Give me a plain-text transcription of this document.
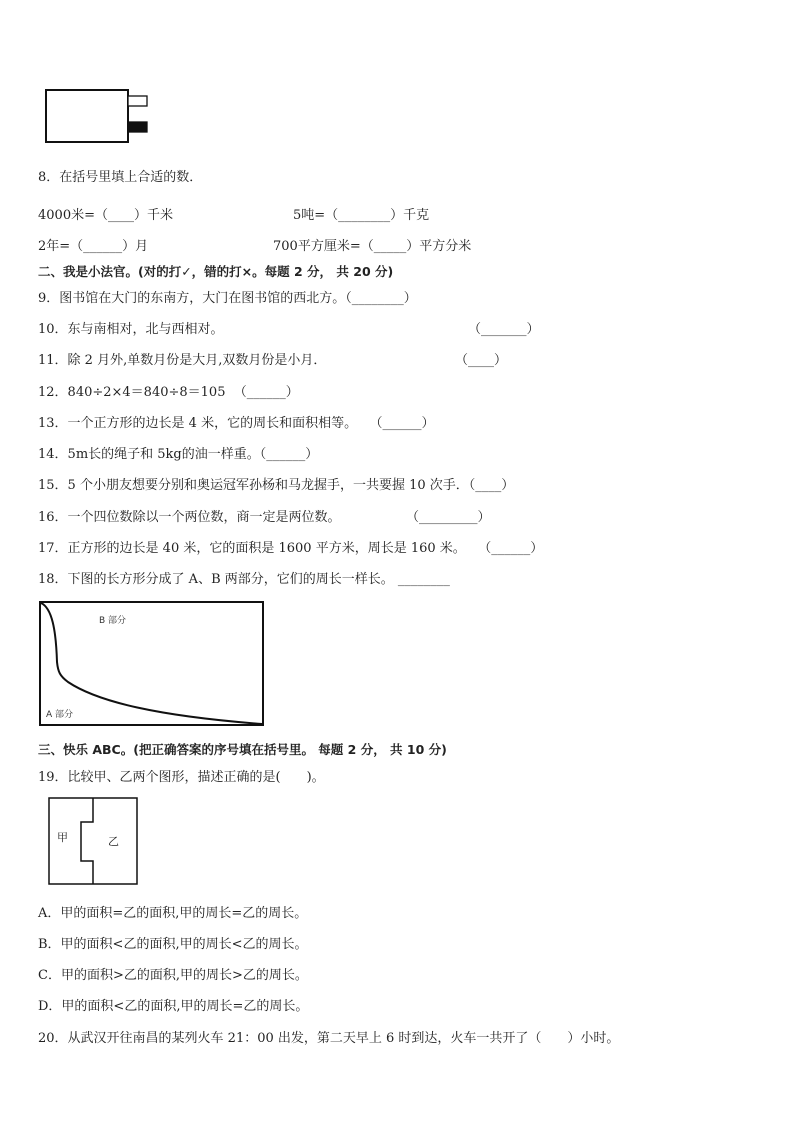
8．在括号里填上合适的数．
4000米=（____）千米	5吨=（________）千克
2年=（______）月	700平方厘米=（_____）平方分米
二、我是小法官。(对的打✓，错的打×。每题 2 分， 共 20 分)
9．图书馆在大门的东南方，大门在图书馆的西北方。（________）
10．东与南相对，北与西相对。	（_______）
11．除 2 月外,单数月份是大月,双数月份是小月．	（____）
12．840÷2×4＝840÷8＝105 （______）
13．一个正方形的边长是 4 米，它的周长和面积相等。 （______）
14．5m长的绳子和 5kg的油一样重。（______）
15．5 个小朋友想要分别和奥运冠军孙杨和马龙握手，一共要握 10 次手．（____）
16．一个四位数除以一个两位数，商一定是两位数。	（_________）
17．正方形的边长是 40 米，它的面积是 1600 平方米，周长是 160 米。 （______）
18．下图的长方形分成了 A、B 两部分，它们的周长一样长。 ________
B 部分
A 部分
三、快乐 ABC。(把正确答案的序号填在括号里。 每题 2 分， 共 10 分)
19．比较甲、乙两个图形，描述正确的是(　　)。
甲	乙
A．甲的面积=乙的面积,甲的周长=乙的周长。
B．甲的面积<乙的面积,甲的周长<乙的周长。
C．甲的面积>乙的面积,甲的周长>乙的周长。
D．甲的面积<乙的面积,甲的周长=乙的周长。
20．从武汉开往南昌的某列火车 21：00 出发，第二天早上 6 时到达，火车一共开了（　　）小时。
